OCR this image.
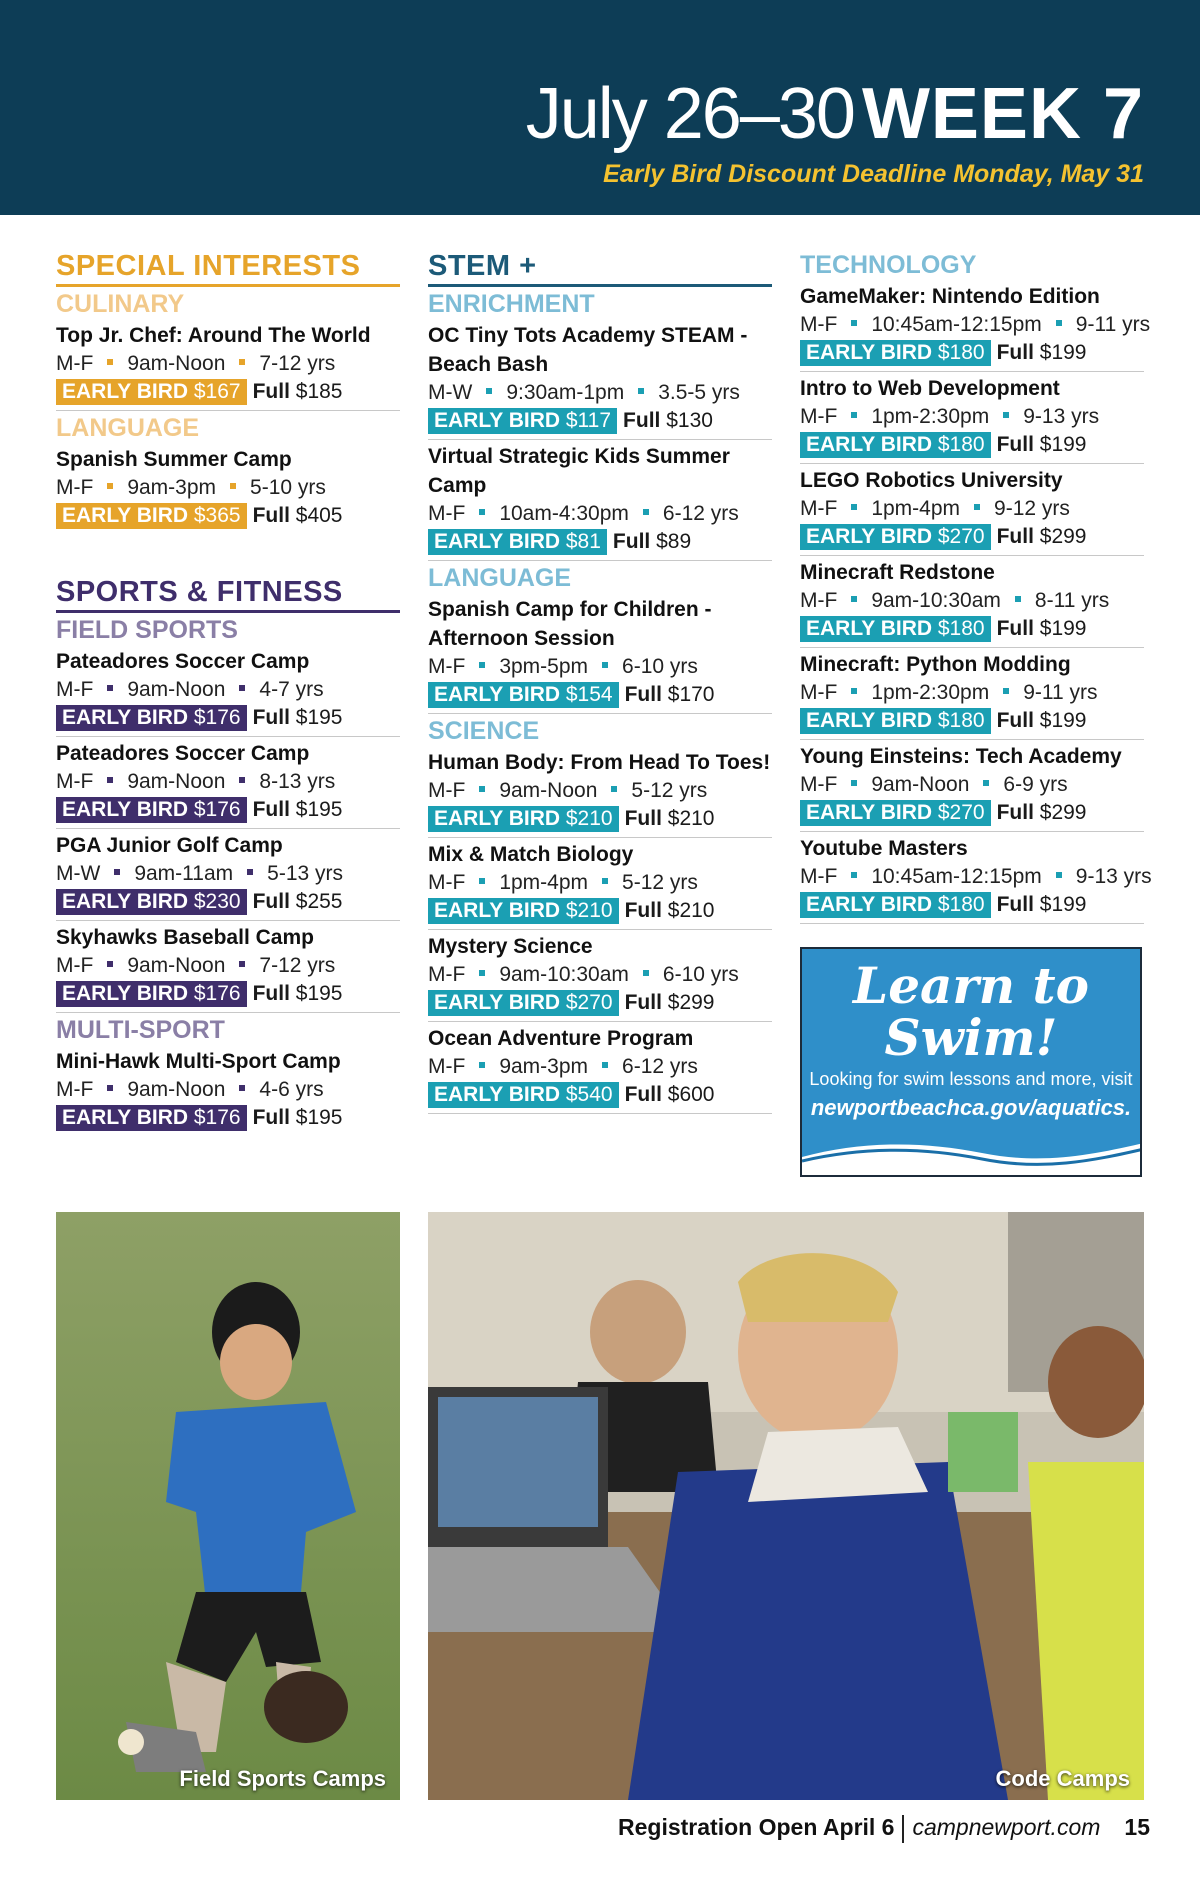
July 26–30 WEEK 7
Early Bird Discount Deadline Monday, May 31
SPECIAL INTERESTS
CULINARY
Top Jr. Chef: Around The World
M-F 9am-Noon 7-12 yrs
EARLY BIRD $167 Full $185
LANGUAGE
Spanish Summer Camp
M-F 9am-3pm 5-10 yrs
EARLY BIRD $365 Full $405
SPORTS & FITNESS
FIELD SPORTS
Pateadores Soccer Camp
M-F 9am-Noon 4-7 yrs
EARLY BIRD $176 Full $195
Pateadores Soccer Camp
M-F 9am-Noon 8-13 yrs
EARLY BIRD $176 Full $195
PGA Junior Golf Camp
M-W 9am-11am 5-13 yrs
EARLY BIRD $230 Full $255
Skyhawks Baseball Camp
M-F 9am-Noon 7-12 yrs
EARLY BIRD $176 Full $195
MULTI-SPORT
Mini-Hawk Multi-Sport Camp
M-F 9am-Noon 4-6 yrs
EARLY BIRD $176 Full $195
STEM +
ENRICHMENT
OC Tiny Tots Academy STEAM - Beach Bash
M-W 9:30am-1pm 3.5-5 yrs
EARLY BIRD $117 Full $130
Virtual Strategic Kids Summer Camp
M-F 10am-4:30pm 6-12 yrs
EARLY BIRD $81 Full $89
LANGUAGE
Spanish Camp for Children - Afternoon Session
M-F 3pm-5pm 6-10 yrs
EARLY BIRD $154 Full $170
SCIENCE
Human Body: From Head To Toes!
M-F 9am-Noon 5-12 yrs
EARLY BIRD $210 Full $210
Mix & Match Biology
M-F 1pm-4pm 5-12 yrs
EARLY BIRD $210 Full $210
Mystery Science
M-F 9am-10:30am 6-10 yrs
EARLY BIRD $270 Full $299
Ocean Adventure Program
M-F 9am-3pm 6-12 yrs
EARLY BIRD $540 Full $600
TECHNOLOGY
GameMaker: Nintendo Edition
M-F 10:45am-12:15pm 9-11 yrs
EARLY BIRD $180 Full $199
Intro to Web Development
M-F 1pm-2:30pm 9-13 yrs
EARLY BIRD $180 Full $199
LEGO Robotics University
M-F 1pm-4pm 9-12 yrs
EARLY BIRD $270 Full $299
Minecraft Redstone
M-F 9am-10:30am 8-11 yrs
EARLY BIRD $180 Full $199
Minecraft: Python Modding
M-F 1pm-2:30pm 9-11 yrs
EARLY BIRD $180 Full $199
Young Einsteins: Tech Academy
M-F 9am-Noon 6-9 yrs
EARLY BIRD $270 Full $299
Youtube Masters
M-F 10:45am-12:15pm 9-13 yrs
EARLY BIRD $180 Full $199
Learn to
Swim!
Looking for swim lessons and more, visit
newportbeachca.gov/aquatics.
Field Sports Camps	Code Camps
Registration Open April 6 campnewport.com 15
